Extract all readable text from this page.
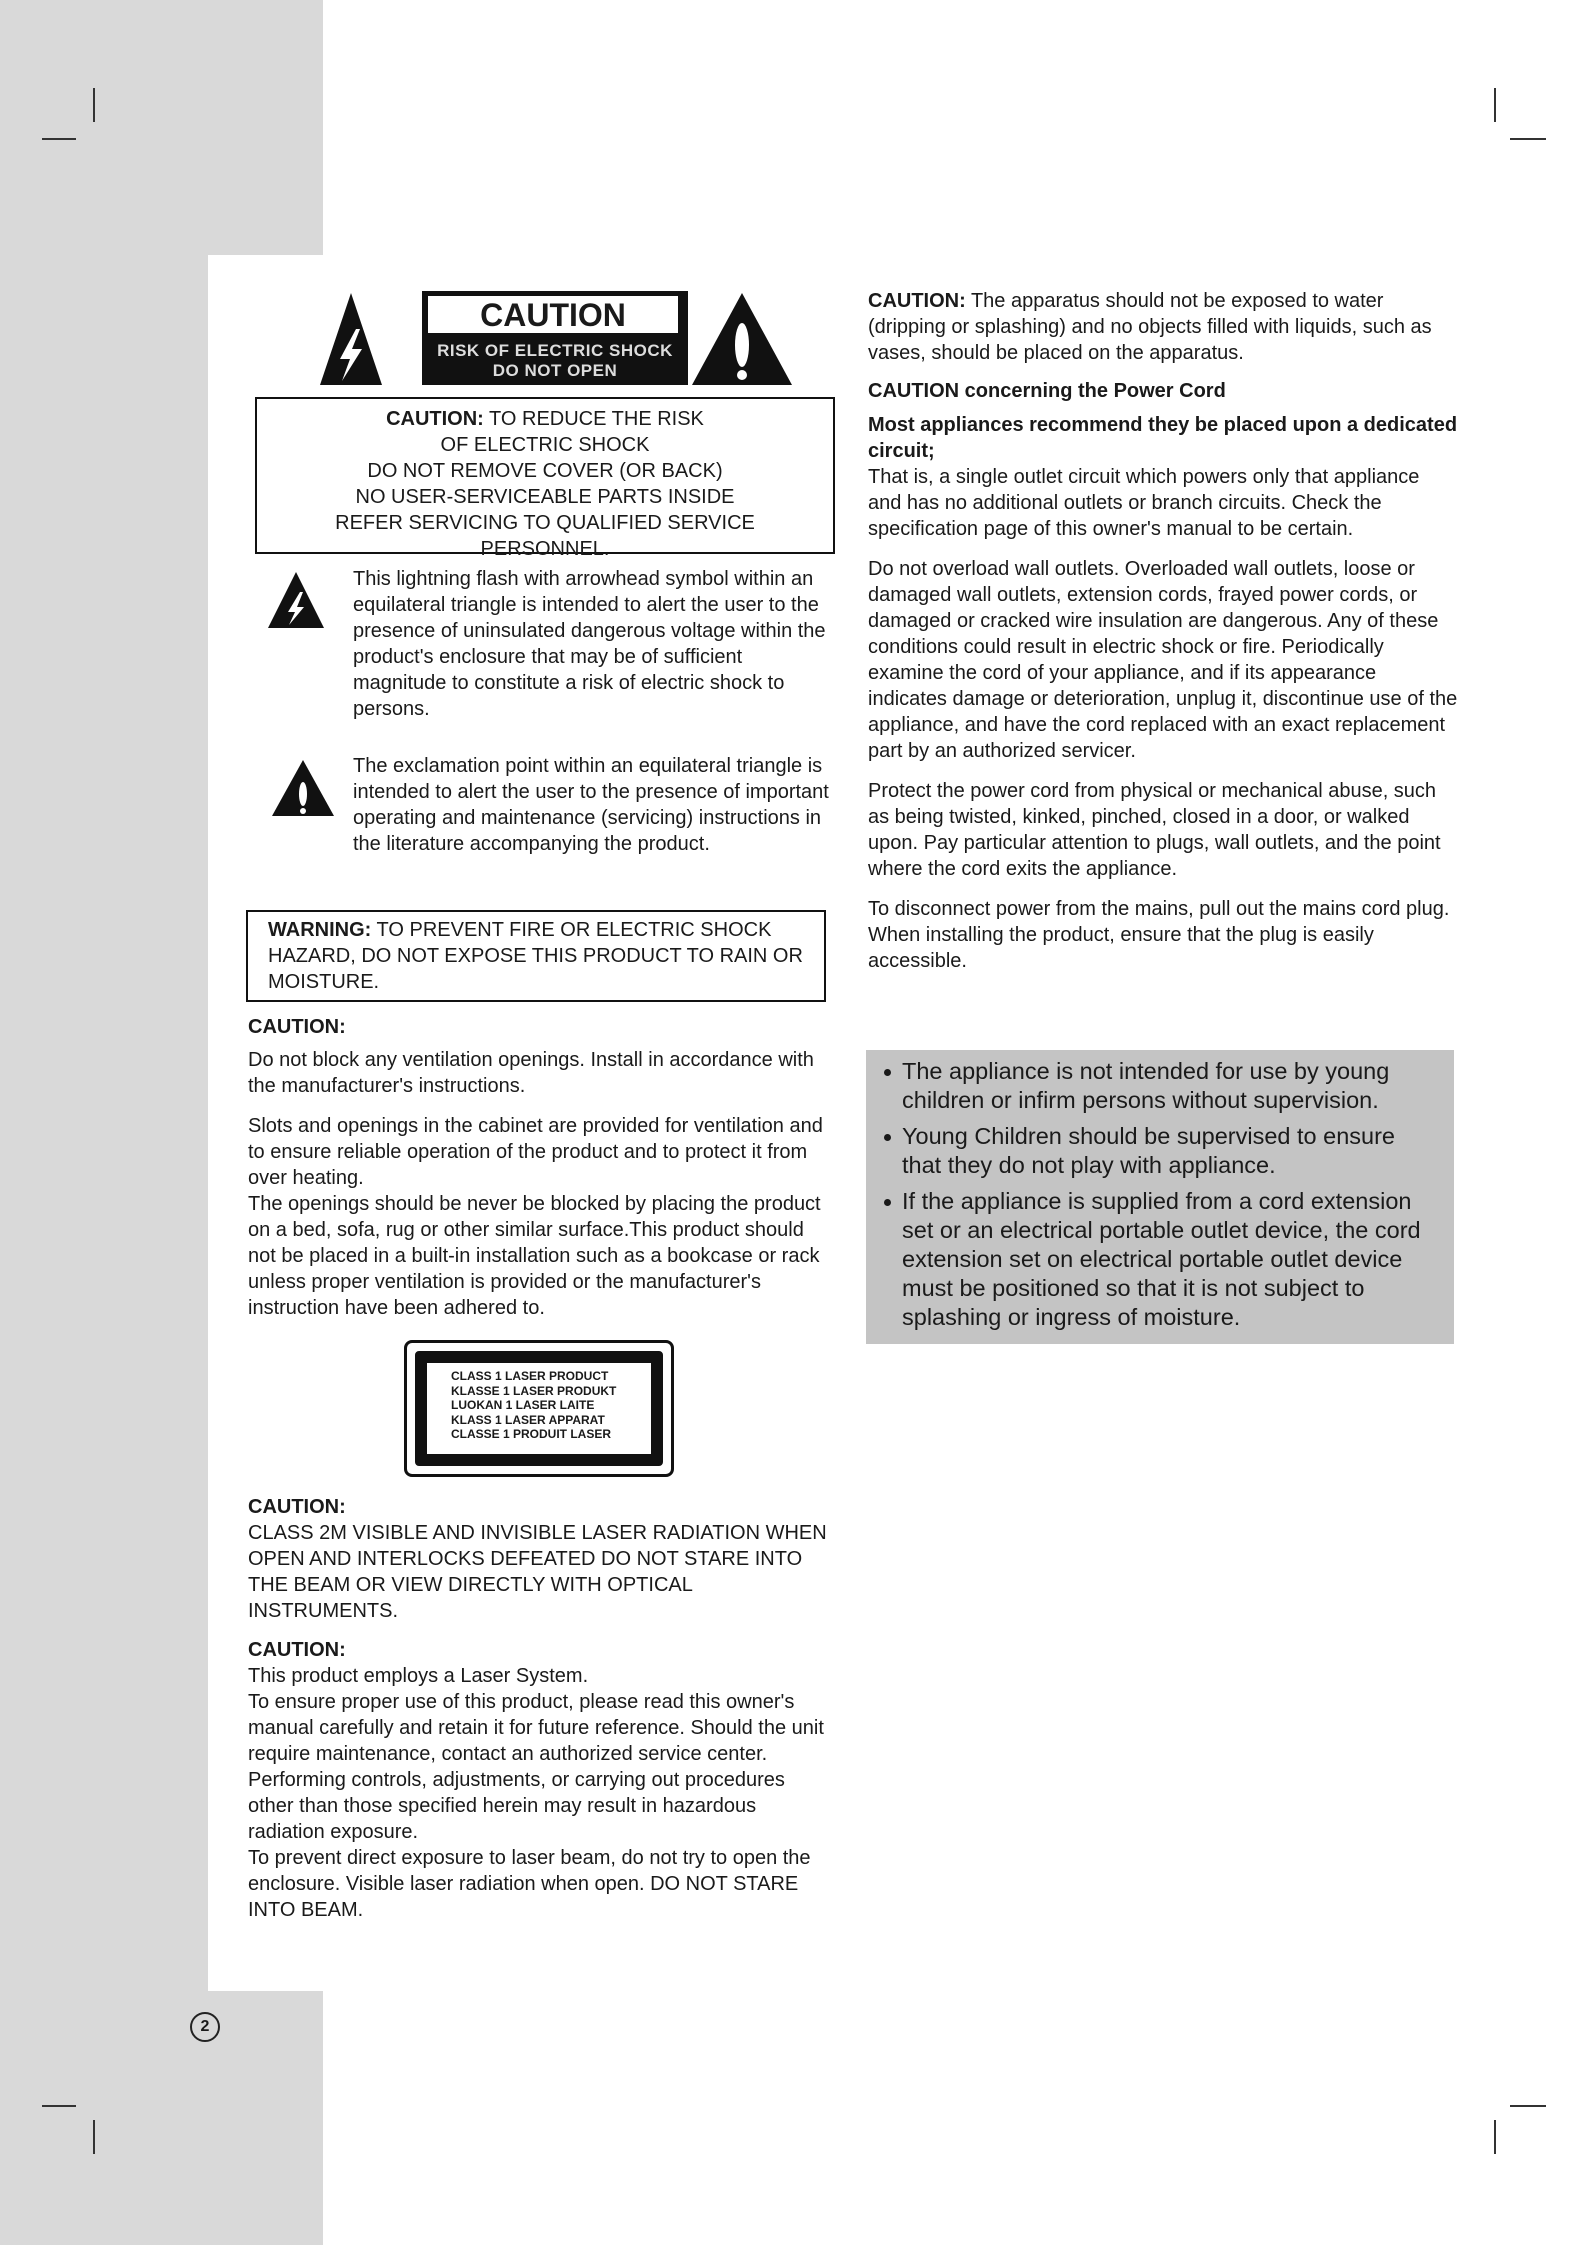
CAUTION
RISK OF ELECTRIC SHOCK
DO NOT OPEN

CAUTION: TO REDUCE THE RISK

OF ELECTRIC SHOCK

DO NOT REMOVE COVER (OR BACK)

NO USER-SERVICEABLE PARTS INSIDE

REFER SERVICING TO QUALIFIED SERVICE

PERSONNEL.

This lightning flash with arrowhead symbol within an equilateral triangle is intended to alert the user to the presence of uninsulated dangerous voltage within the product's enclosure that may be of sufficient magnitude to constitute a risk of electric shock to persons.

The exclamation point within an equilateral triangle is intended to alert the user to the presence of important operating and maintenance (servicing) instructions in the literature accompanying the product.

WARNING: TO PREVENT FIRE OR ELECTRIC SHOCK HAZARD, DO NOT EXPOSE THIS PRODUCT TO RAIN OR MOISTURE.

CAUTION:

Do not block any ventilation openings. Install in accordance with the manufacturer's instructions.

Slots and openings in the cabinet are provided for ventilation and to ensure reliable operation of the product and to protect it from over heating.

The openings should be never be blocked by placing the product on a bed, sofa, rug or other similar surface.This product should not be placed in a built-in installation such as a bookcase or rack unless proper ventilation is provided or the manufacturer's instruction have been adhered to.

CLASS 1 LASER PRODUCT
KLASSE 1 LASER PRODUKT
LUOKAN 1 LASER LAITE
KLASS 1 LASER APPARAT
CLASSE 1 PRODUIT LASER

CAUTION:

CLASS 2M VISIBLE AND INVISIBLE LASER RADIATION WHEN OPEN AND INTERLOCKS DEFEATED DO NOT STARE INTO THE BEAM OR VIEW DIRECTLY WITH OPTICAL INSTRUMENTS.

CAUTION:

This product employs a Laser System.

To ensure proper use of this product, please read this owner's manual carefully and retain it for future reference. Should the unit require maintenance, contact an authorized service center.

Performing controls, adjustments, or carrying out procedures other than those specified herein may result in hazardous radiation exposure.

To prevent direct exposure to laser beam, do not try to open the enclosure. Visible laser radiation when open. DO NOT STARE INTO BEAM.

CAUTION: The apparatus should not be exposed to water (dripping or splashing) and no objects filled with liquids, such as vases, should be placed on the apparatus.

CAUTION concerning the Power Cord

Most appliances recommend they be placed upon a dedicated circuit;

That is, a single outlet circuit which powers only that appliance and has no additional outlets or branch circuits. Check the specification page of this owner's manual to be certain.

Do not overload wall outlets. Overloaded wall outlets, loose or damaged wall outlets, extension cords, frayed power cords, or damaged or cracked wire insulation are dangerous. Any of these conditions could result in electric shock or fire. Periodically examine the cord of your appliance, and if its appearance indicates damage or deterioration, unplug it, discontinue use of the appliance, and have the cord replaced with an exact replacement part by an authorized servicer.

Protect the power cord from physical or mechanical abuse, such as being twisted, kinked, pinched, closed in a door, or walked upon. Pay particular attention to plugs, wall outlets, and the point where the cord exits the appliance.

To disconnect power from the mains, pull out the mains cord plug. When installing the product, ensure that the plug is easily accessible.

The appliance is not intended for use by young children or infirm persons without supervision.
Young Children should be supervised to ensure that they do not play with appliance.
If the appliance is supplied from a cord extension set or an electrical portable outlet device, the cord extension set on electrical portable outlet device must be positioned so that it is not subject to splashing or ingress of moisture.
2
